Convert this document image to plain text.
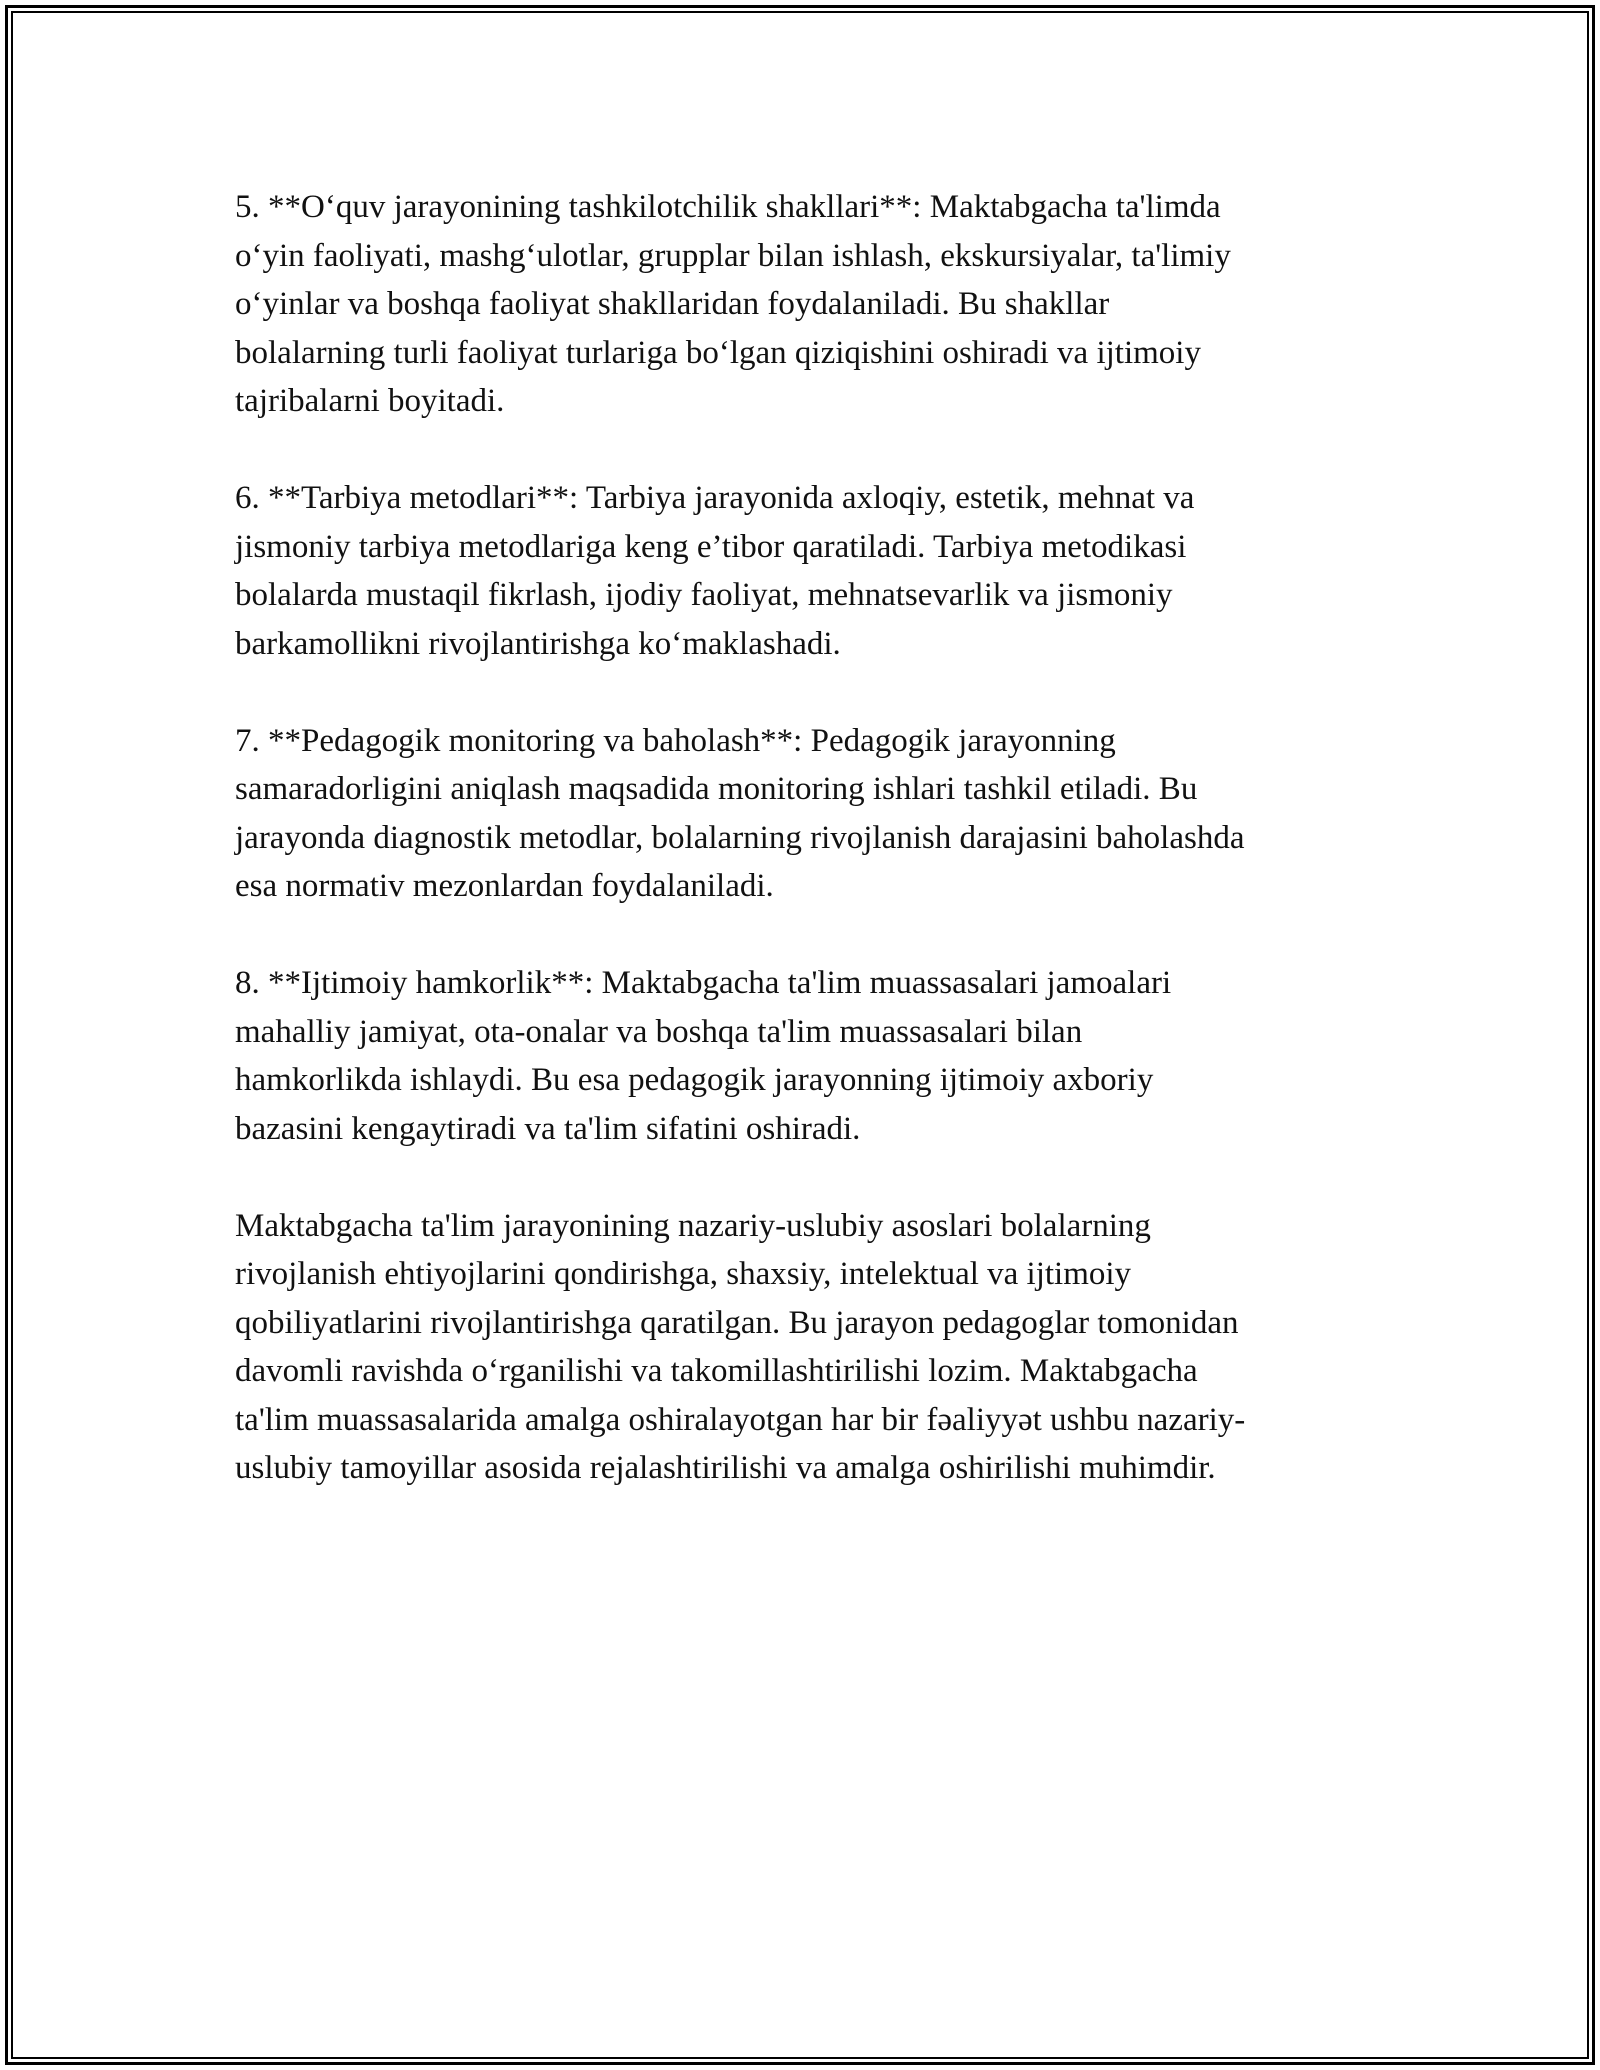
5. **Oʻquv jarayonining tashkilotchilik shakllari**: Maktabgacha ta'limda
oʻyin faoliyati, mashgʻulotlar, grupplar bilan ishlash, ekskursiyalar, ta'limiy
oʻyinlar va boshqa faoliyat shakllaridan foydalaniladi. Bu shakllar
bolalarning turli faoliyat turlariga boʻlgan qiziqishini oshiradi va ijtimoiy
tajribalarni boyitadi.

6. **Tarbiya metodlari**: Tarbiya jarayonida axloqiy, estetik, mehnat va
jismoniy tarbiya metodlariga keng e’tibor qaratiladi. Tarbiya metodikasi
bolalarda mustaqil fikrlash, ijodiy faoliyat, mehnatsevarlik va jismoniy
barkamollikni rivojlantirishga koʻmaklashadi.

7. **Pedagogik monitoring va baholash**: Pedagogik jarayonning
samaradorligini aniqlash maqsadida monitoring ishlari tashkil etiladi. Bu
jarayonda diagnostik metodlar, bolalarning rivojlanish darajasini baholashda
esa normativ mezonlardan foydalaniladi.

8. **Ijtimoiy hamkorlik**: Maktabgacha ta'lim muassasalari jamoalari
mahalliy jamiyat, ota-onalar va boshqa ta'lim muassasalari bilan
hamkorlikda ishlaydi. Bu esa pedagogik jarayonning ijtimoiy axboriy
bazasini kengaytiradi va ta'lim sifatini oshiradi.

Maktabgacha ta'lim jarayonining nazariy-uslubiy asoslari bolalarning
rivojlanish ehtiyojlarini qondirishga, shaxsiy, intelektual va ijtimoiy
qobiliyatlarini rivojlantirishga qaratilgan. Bu jarayon pedagoglar tomonidan
davomli ravishda oʻrganilishi va takomillashtirilishi lozim. Maktabgacha
ta'lim muassasalarida amalga oshiralayotgan har bir fəaliyyət ushbu nazariy-
uslubiy tamoyillar asosida rejalashtirilishi va amalga oshirilishi muhimdir.
